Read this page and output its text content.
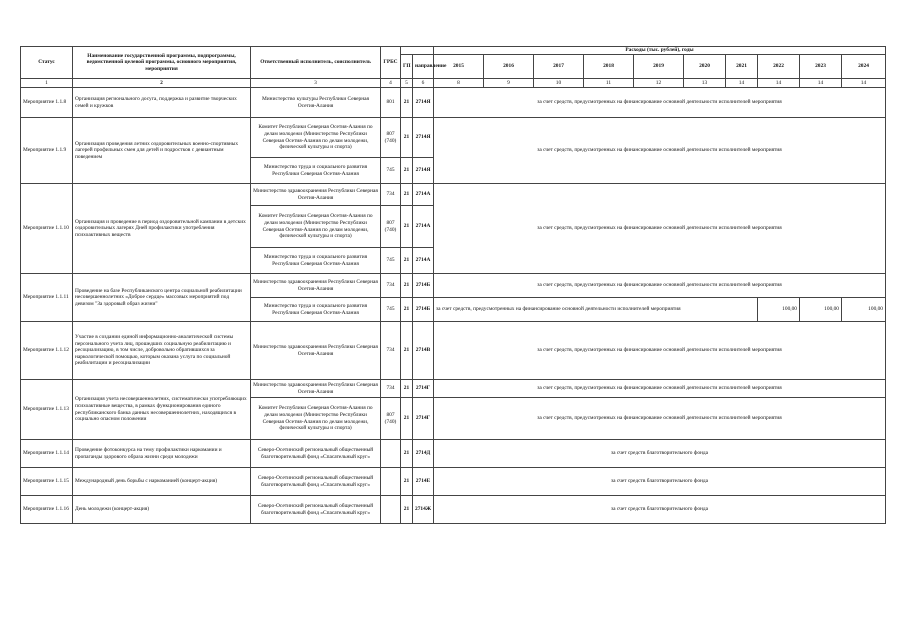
Статус	Наименование государственной программы, подпрограммы, ведомственной целевой программы, основного мероприятия, мероприятия	Ответственный исполнитель, соисполнитель	ГРБС			Расходы (тыс. рублей), годы									
				ГП	направление	2015	2016	2017	2018	2019	2020	2021	2022	2023	2024
1	2	3	4	5	6	8	9	10	11	12	13	14	14	14	14
Мероприятие 1.1.8	Организация регионального досуга, поддержка и развитие творческих семей и кружков	Министерство культуры Республики Северная Осетия-Алания	801	21	2714Я	за счет средств, предусмотренных на финансирование основной деятельности исполнителей мероприятия									
Мероприятие 1.1.9	Организация проведения летних оздоровительных военно-спортивных лагерей профильных смен для детей и подростков с девиантным поведением	Комитет Республики Северная Осетия-Алания по делам молодежи (Министерство Республики Северная Осетия-Алания по делам молодежи, физической культуры и спорта)	807 (740)	21	2714Я	за счет средств, предусмотренных на финансирование основной деятельности исполнителей мероприятия									
		Министерство труда и социального развития Республики Северная Осетия-Алания	745	21	2714Я										
Мероприятие 1.1.10	Организация и проведение в период оздоровительной кампании в детских оздоровительных лагерях Дней профилактики употребления психоактивных веществ	Министерство здравоохранения Республики Северная Осетия-Алания	734	21	2714А	за счет средств, предусмотренных на финансирование основной деятельности исполнителей мероприятия									
		Комитет Республики Северная Осетия-Алания по делам молодежи (Министерство Республики Северная Осетия-Алания по делам молодежи, физической культуры и спорта)	807 (740)	21	2714А										
		Министерство труда и социального развития Республики Северная Осетия-Алания	745	21	2714А										
Мероприятие 1.1.11	Проведение на базе Республиканского центра социальной реабилитации несовершеннолетних «Доброе сердце» массовых мероприятий под девизом "За здоровый образ жизни"	Министерство здравоохранения Республики Северная Осетия-Алания	734	21	2714Б	за счет средств, предусмотренных на финансирование основной деятельности исполнителей мероприятия									
		Министерство труда и социального развития Республики Северная Осетия-Алания	745	21	2714Б	за счет средств, предусмотренных на финансирование основной деятельности исполнителей мероприятия							100,00	100,00	100,00
Мероприятие 1.1.12	Участие в создании единой информационно-аналитической системы персонального учета лиц, прошедших социальную реабилитацию и ресоциализацию, в том числе, добровольно обратившихся за наркологической помощью, которым оказана услуга по социальной реабилитации и ресоциализации	Министерство здравоохранения Республики Северная Осетия-Алания	734	21	2714В	за счет средств, предусмотренных на финансирование основной деятельности исполнителей мероприятия									
Мероприятие 1.1.13	Организация учета несовершеннолетних, систематически употребляющих психоактивные вещества, в рамках функционирования единого республиканского банка данных несовершеннолетних, находящихся в социально опасном положении	Министерство здравоохранения Республики Северная Осетия-Алания	734	21	2714Г	за счет средств, предусмотренных на финансирование основной деятельности исполнителей мероприятия									
		Комитет Республики Северная Осетия-Алания по делам молодежи (Министерство Республики Северная Осетия-Алания по делам молодежи, физической культуры и спорта)	807 (740)	21	2714Г	за счет средств, предусмотренных на финансирование основной деятельности исполнителей мероприятия									
Мероприятие 1.1.14	Проведение фотоконкурса на тему профилактики наркомании и пропаганды здорового образа жизни среди молодежи	Северо-Осетинский региональный общественный благотворительный фонд «Спасательный круг»		21	2714Д	за счет средств благотворительного фонда									
Мероприятие 1.1.15	Международный день борьбы с наркоманией (концерт-акция)	Северо-Осетинский региональный общественный благотворительный фонд «Спасательный круг»		21	2714Е	за счет средств благотворительного фонда									
Мероприятие 1.1.16	День молодежи (концерт-акция)	Северо-Осетинский региональный общественный благотворительный фонд «Спасательный круг»		21	2714Ж	за счет средств благотворительного фонда									
